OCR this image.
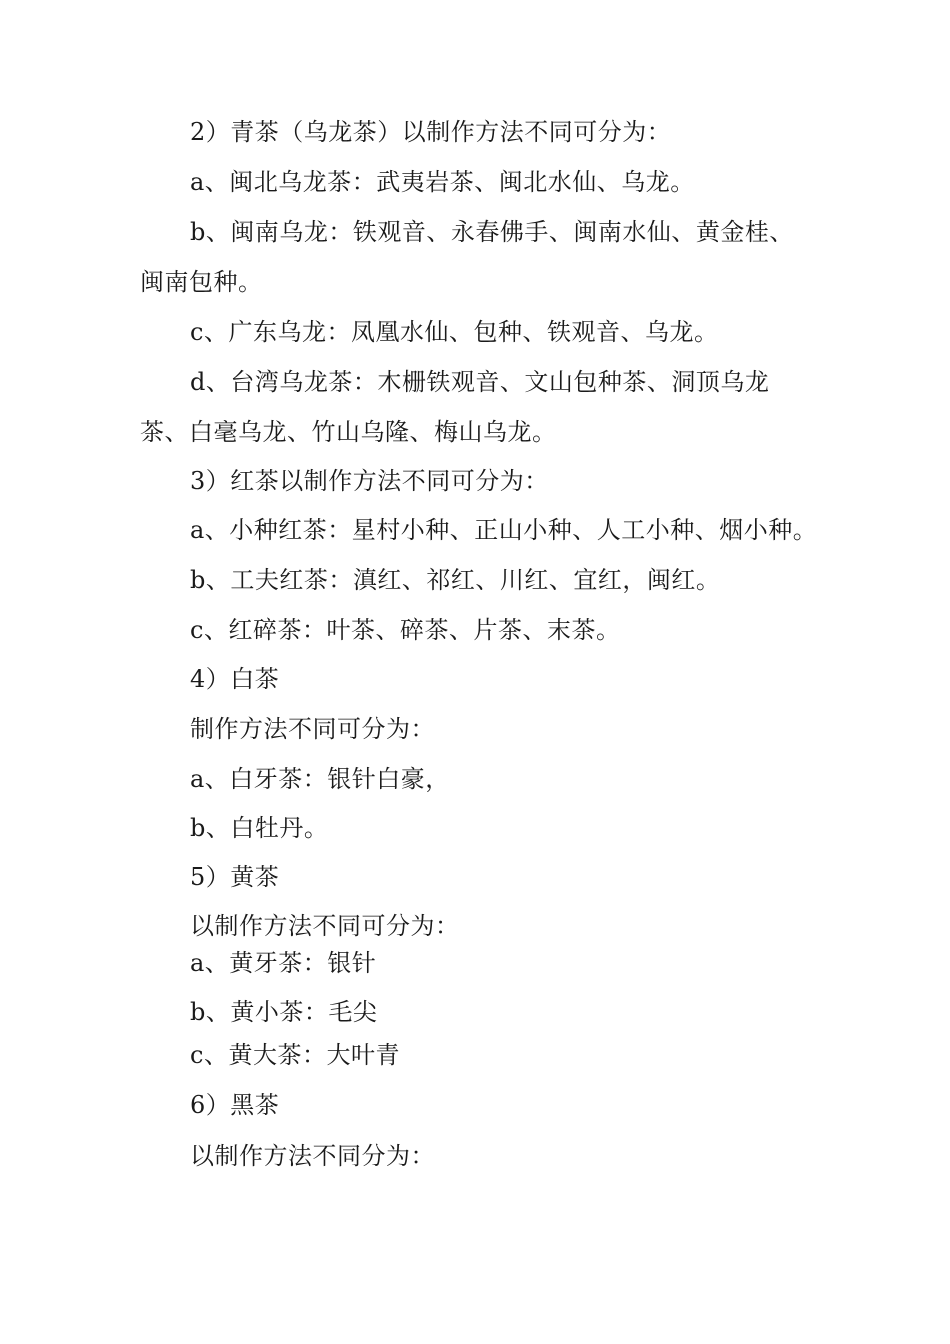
2）青茶（乌龙茶）以制作方法不同可分为：
a、闽北乌龙茶：武夷岩茶、闽北水仙、乌龙。
b、闽南乌龙：铁观音、永春佛手、闽南水仙、黄金桂、
闽南包种。
c、广东乌龙：凤凰水仙、包种、铁观音、乌龙。
d、台湾乌龙茶：木栅铁观音、文山包种茶、洞顶乌龙
茶、白毫乌龙、竹山乌隆、梅山乌龙。
3）红茶以制作方法不同可分为：
a、小种红茶：星村小种、正山小种、人工小种、烟小种。
b、工夫红茶：滇红、祁红、川红、宜红，闽红。
c、红碎茶：叶茶、碎茶、片茶、末茶。
4）白茶
制作方法不同可分为：
a、白牙茶：银针白豪，
b、白牡丹。
5）黄茶
以制作方法不同可分为：
a、黄牙茶：银针
b、黄小茶：毛尖
c、黄大茶：大叶青
6）黑茶
以制作方法不同分为：
